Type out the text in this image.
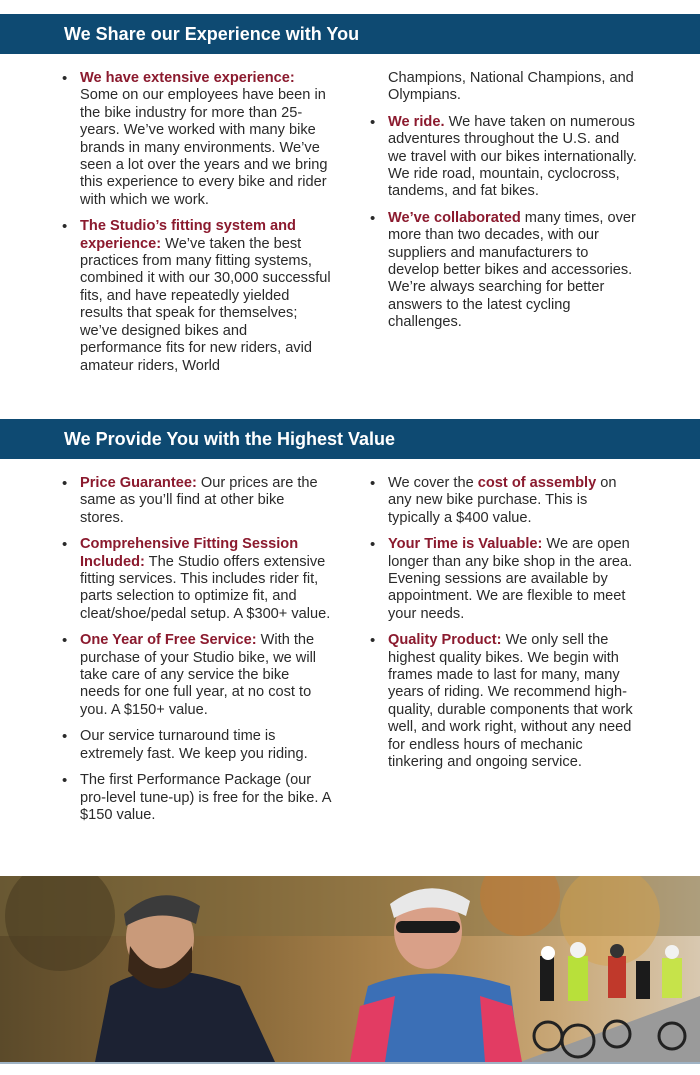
We Share our Experience with You
• We have extensive experience: Some on our employees have been in the bike industry for more than 25-years. We’ve worked with many bike brands in many environments. We’ve seen a lot over the years and we bring this experience to every bike and rider with which we work.
• The Studio’s fitting system and experience: We’ve taken the best practices from many fitting systems, combined it with our 30,000 successful fits, and have repeatedly yielded results that speak for themselves; we’ve designed bikes and performance fits for new riders, avid amateur riders, World
Champions, National Champions, and Olympians.
• We ride. We have taken on numerous adventures throughout the U.S. and we travel with our bikes internationally. We ride road, mountain, cyclocross, tandems, and fat bikes.
• We’ve collaborated many times, over more than two decades, with our suppliers and manufacturers to develop better bikes and accessories. We’re always searching for better answers to the latest cycling challenges.
We Provide You with the Highest Value
• Price Guarantee: Our prices are the same as you’ll find at other bike stores.
• Comprehensive Fitting Session Included: The Studio offers extensive fitting services. This includes rider fit, parts selection to optimize fit, and cleat/shoe/pedal setup. A $300+ value.
• One Year of Free Service: With the purchase of your Studio bike, we will take care of any service the bike needs for one full year, at no cost to you. A $150+ value.
• Our service turnaround time is extremely fast. We keep you riding.
• The first Performance Package (our pro-level tune-up) is free for the bike. A $150 value.
• We cover the cost of assembly on any new bike purchase. This is typically a $400 value.
• Your Time is Valuable: We are open longer than any bike shop in the area. Evening sessions are available by appointment. We are flexible to meet your needs.
• Quality Product: We only sell the highest quality bikes. We begin with frames made to last for many, many years of riding. We recommend high-quality, durable components that work well, and work right, without any need for endless hours of mechanic tinkering and ongoing service.
